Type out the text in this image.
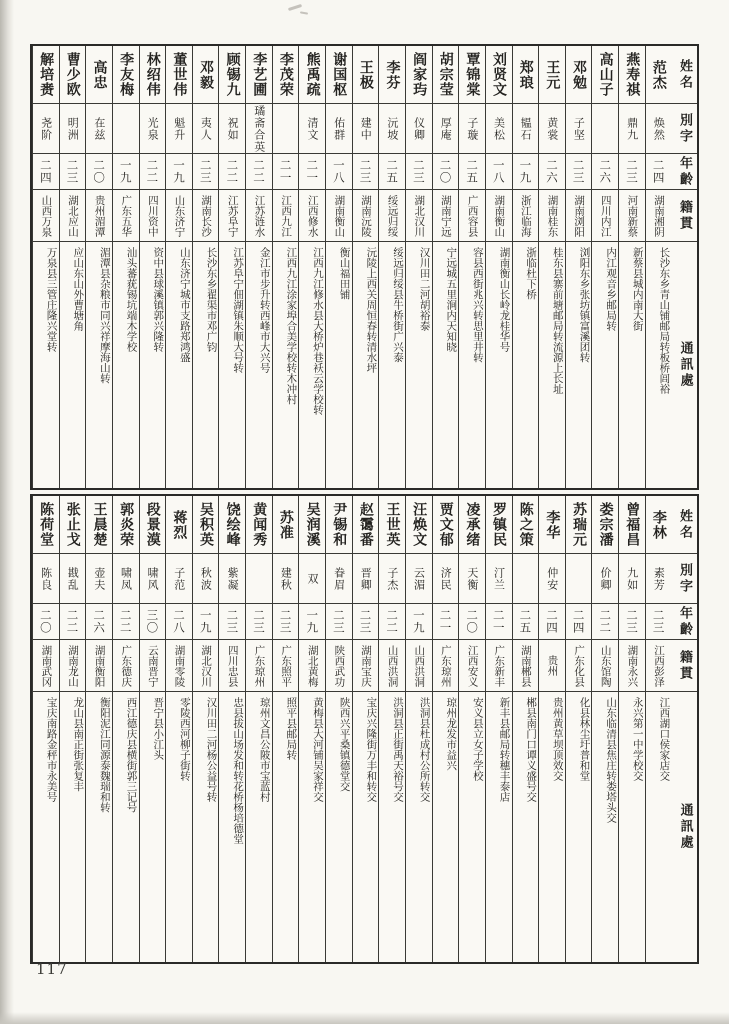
姓名
別字
年齡
籍貫
通訊處
范杰
焕然
二四
湖南湘阴
长沙东乡青山铺邮局转板桥闾裕
燕寿祺
鼎九
二三
河南新蔡
新蔡县城内南大街
高山子
二六
四川内江
内江观音乡邮局转
邓勉
子坚
二三
湖南浏阳
浏阳东乡张坊镇富溪团转
王元
黄裳
二六
湖南桂东
桂东县寨前塘邮局转流源上长址
郑琅
韫石
一九
浙江临海
浙临杜下桥
刘贤文
美松
一八
湖南衡山
湖南衡山长岭龙桂华号
覃锦棠
子璇
二五
广西容县
容县西街兆兴转思里井转
胡宗莹
厚庵
二〇
湖南宁远
宁远城五里涧内天知晓
阎家玙
仪卿
二三
湖北汉川
汉川田二河胡裕泰
李芬
沅坡
二五
绥远归绥
绥远归绥县牛桥街广兴泰
王极
建中
二三
湖南沅陵
沅陵上西关周恒春转清水坪
谢国枢
佑群
一八
湖南衡山
衡山福田铺
熊禹疏
清文
二一
江西修水
江西九江修水县大桥炉巷袄云学校转
李茂荣
二一
江西九江
江西九江涂家埠合美学校转木冲村
李艺圃
璚斋合英
二二
江苏涟水
金江市步升转西峰市大兴号
顾锡九
祝如
二二
江苏阜宁
江苏阜宁佃湖镇朱顺大号转
邓毅
夷人
二三
湖南长沙
长沙东乡翟渠市邓广钧
董世伟
魁升
一九
山东济宁
山东济宁城市支路郑鸿盛
林绍伟
光泉
二二
四川资中
资中县球溪镇郭兴隆转
李友梅
一九
广东五华
汕头蕃莸锡坑端木学校
高忠
在兹
二〇
贵州湄潭
湄潭县杂粮市同兴祥摩海山转
曹少欧
明洲
二三
湖北应山
应山东山外曹塘角
解培赉
尧阶
二四
山西万泉
万泉县三管庄隆兴堂转
姓名
別字
年齡
籍貫
通訊處
李林
素芳
二三
江西彭泽
江西湖口侯家店交
曾福昌
九如
二三
湖南永兴
永兴第一中学校交
娄宗潘
价卿
二二
山东馆陶
山东临清县焦庄转娄塔头交
苏瑞元
二四
广东化县
化县林尘圩普和堂
李华
仲安
二四
贵州
贵州黄草坝顶效交
陈之策
二五
湖南郴县
郴县南门口谭义盛号交
罗镇民
汀兰
二一
广东新丰
新丰县邮局转穗丰泰店
凌承绪
天衡
二〇
江西安义
安义县立女子学校
贾文郁
济民
二一
广东琼州
琼州龙发市益兴
汪焕文
云湄
一九
山西洪洞
洪洞县杜成村公所转交
王世英
子杰
二二
山西洪洞
洪洞县正街禹天裕号交
赵霭番
晋卿
二三
湖南宝庆
宝庆兴隆街万丰和转交
尹锡和
眷眉
二三
陕西武功
陕西兴平桑镇德堂交
吴润溪
双
一九
湖北黄梅
黄梅县大河铺吴家祥交
苏准
建秋
二三
广东照平
照平县邮局转
黄闻秀
二三
广东琼州
琼州文昌公陂市宝蓝村
饶绘峰
紫凝
二三
四川忠县
忠县拔山场发和转花桥杨培德堂
吴积英
秋波
一九
湖北汉川
汉川田二河杨公益号转
蒋烈
子范
二八
湖南零陵
零陵西河柳子街转
段景漠
啸风
三〇
云南晋宁
晋宁县小江头
郭炎荣
啸凤
二二
广东德庆
西江德庆县横街郭三记号
王晨楚
壶夫
二六
湖南衡阳
衡阳泥江同源泰魏瑞和转
张止戈
戡乱
二二
湖南龙山
龙山县南正街张复丰
陈荷堂
陈良
二〇
湖南武冈
宝庆南路金秤市永美号
117
